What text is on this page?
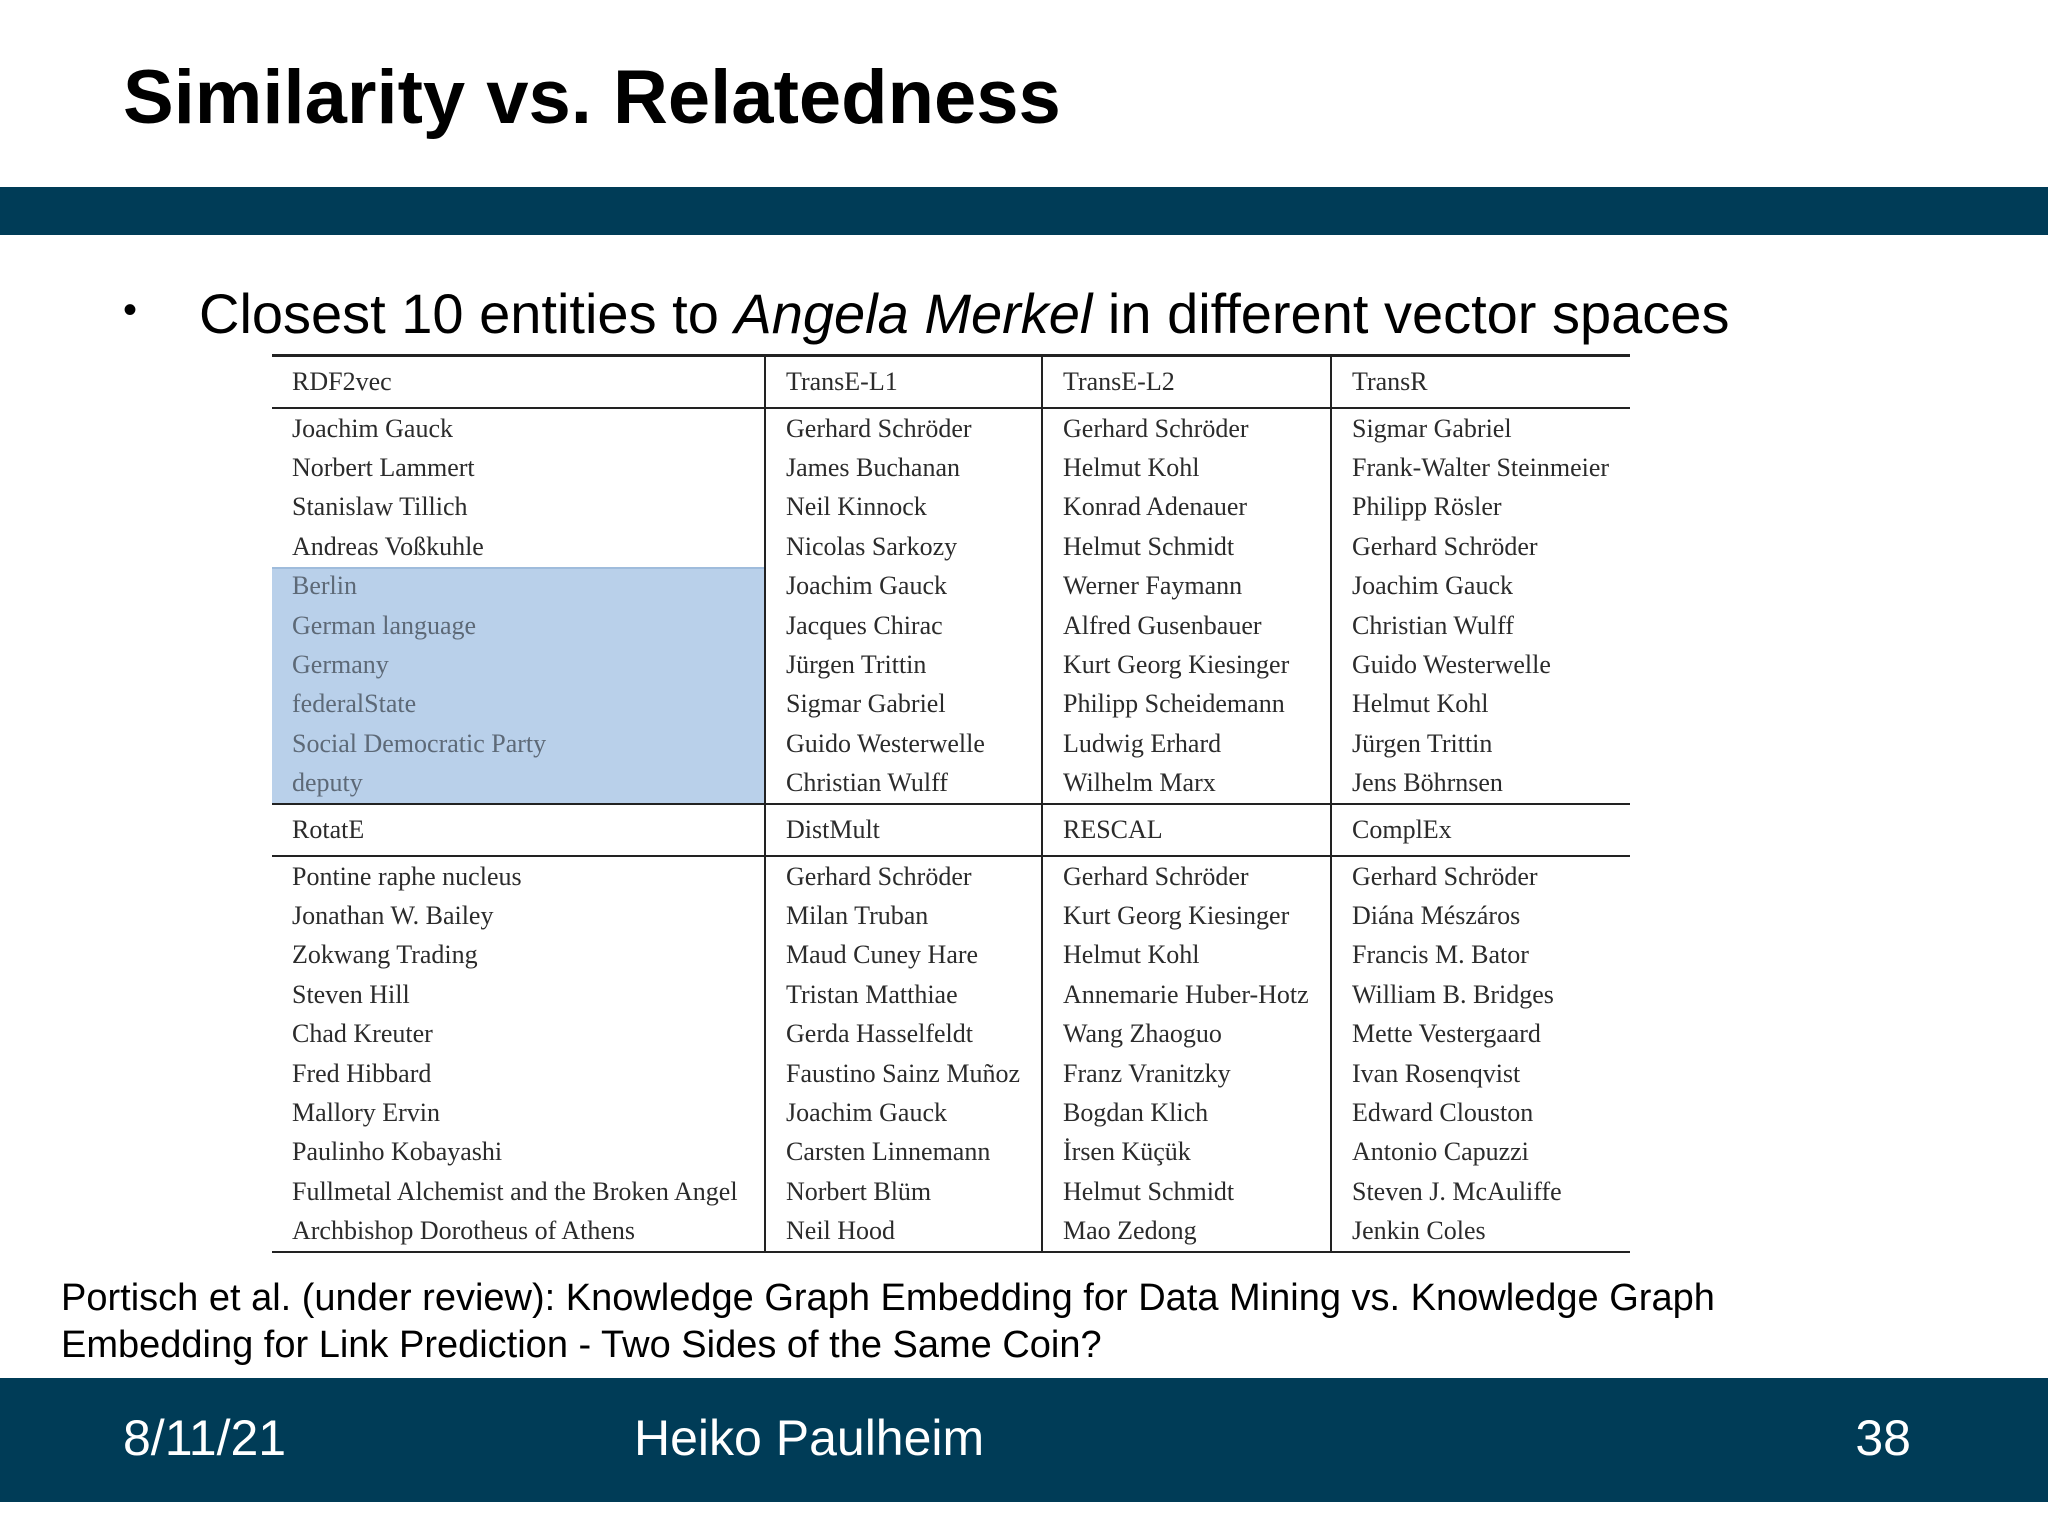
Similarity vs. Relatedness
• Closest 10 entities to Angela Merkel in different vector spaces
RDF2vec	TransE-L1	TransE-L2	TransR
Joachim Gauck	Gerhard Schröder	Gerhard Schröder	Sigmar Gabriel
Norbert Lammert	James Buchanan	Helmut Kohl	Frank-Walter Steinmeier
Stanislaw Tillich	Neil Kinnock	Konrad Adenauer	Philipp Rösler
Andreas Voßkuhle	Nicolas Sarkozy	Helmut Schmidt	Gerhard Schröder
Berlin	Joachim Gauck	Werner Faymann	Joachim Gauck
German language	Jacques Chirac	Alfred Gusenbauer	Christian Wulff
Germany	Jürgen Trittin	Kurt Georg Kiesinger	Guido Westerwelle
federalState	Sigmar Gabriel	Philipp Scheidemann	Helmut Kohl
Social Democratic Party	Guido Westerwelle	Ludwig Erhard	Jürgen Trittin
deputy	Christian Wulff	Wilhelm Marx	Jens Böhrnsen
RotatE	DistMult	RESCAL	ComplEx
Pontine raphe nucleus	Gerhard Schröder	Gerhard Schröder	Gerhard Schröder
Jonathan W. Bailey	Milan Truban	Kurt Georg Kiesinger	Diána Mészáros
Zokwang Trading	Maud Cuney Hare	Helmut Kohl	Francis M. Bator
Steven Hill	Tristan Matthiae	Annemarie Huber-Hotz	William B. Bridges
Chad Kreuter	Gerda Hasselfeldt	Wang Zhaoguo	Mette Vestergaard
Fred Hibbard	Faustino Sainz Muñoz	Franz Vranitzky	Ivan Rosenqvist
Mallory Ervin	Joachim Gauck	Bogdan Klich	Edward Clouston
Paulinho Kobayashi	Carsten Linnemann	İrsen Küçük	Antonio Capuzzi
Fullmetal Alchemist and the Broken Angel	Norbert Blüm	Helmut Schmidt	Steven J. McAuliffe
Archbishop Dorotheus of Athens	Neil Hood	Mao Zedong	Jenkin Coles
Portisch et al. (under review): Knowledge Graph Embedding for Data Mining vs. Knowledge Graph
Embedding for Link Prediction - Two Sides of the Same Coin?
8/11/21	Heiko Paulheim	38
